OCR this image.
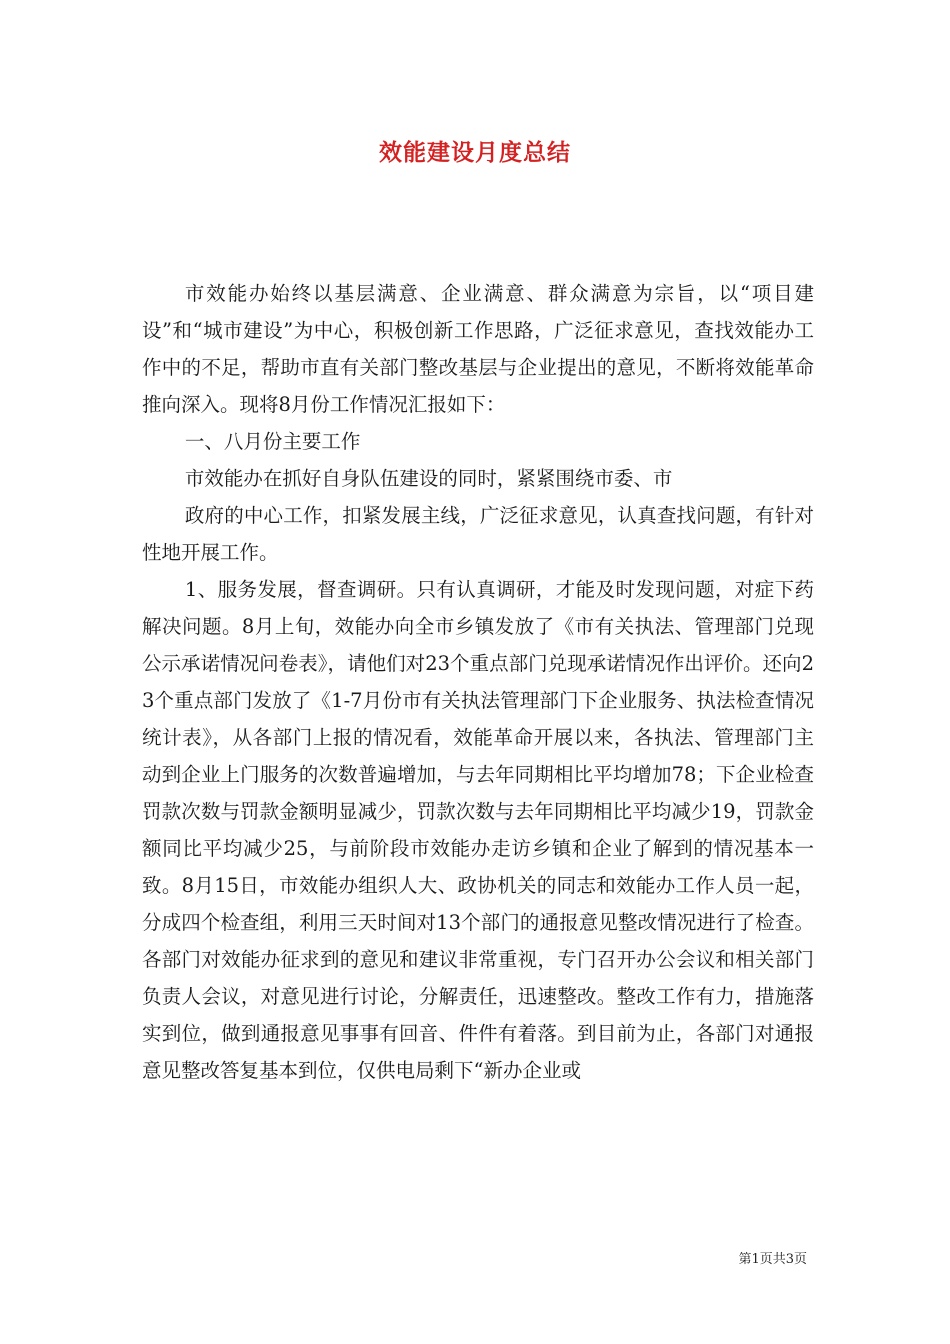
效能建设月度总结

市效能办始终以基层满意、企业满意、群众满意为宗旨，以“项目建设”和“城市建设”为中心，积极创新工作思路，广泛征求意见，查找效能办工作中的不足，帮助市直有关部门整改基层与企业提出的意见，不断将效能革命推向深入。现将8月份工作情况汇报如下：

一、八月份主要工作

市效能办在抓好自身队伍建设的同时，紧紧围绕市委、市

政府的中心工作，扣紧发展主线，广泛征求意见，认真查找问题，有针对性地开展工作。

1、服务发展，督查调研。只有认真调研，才能及时发现问题，对症下药解决问题。8月上旬，效能办向全市乡镇发放了《市有关执法、管理部门兑现公示承诺情况问卷表》，请他们对23个重点部门兑现承诺情况作出评价。还向23个重点部门发放了《1-7月份市有关执法管理部门下企业服务、执法检查情况统计表》，从各部门上报的情况看，效能革命开展以来，各执法、管理部门主动到企业上门服务的次数普遍增加，与去年同期相比平均增加78；下企业检查罚款次数与罚款金额明显减少，罚款次数与去年同期相比平均减少19，罚款金额同比平均减少25，与前阶段市效能办走访乡镇和企业了解到的情况基本一致。8月15日，市效能办组织人大、政协机关的同志和效能办工作人员一起，分成四个检查组，利用三天时间对13个部门的通报意见整改情况进行了检查。各部门对效能办征求到的意见和建议非常重视，专门召开办公会议和相关部门负责人会议，对意见进行讨论，分解责任，迅速整改。整改工作有力，措施落实到位，做到通报意见事事有回音、件件有着落。到目前为止，各部门对通报意见整改答复基本到位，仅供电局剩下“新办企业或

第1页共3页
